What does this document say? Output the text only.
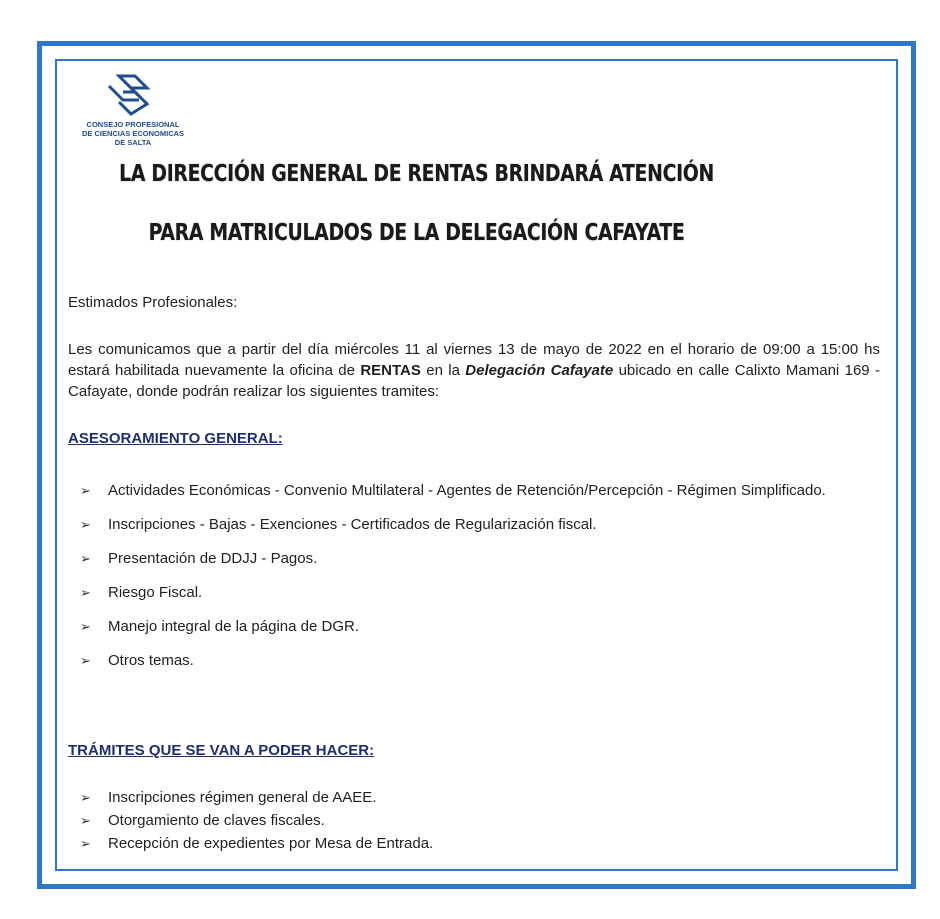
CONSEJO PROFESIONAL
DE CIENCIAS ECONOMICAS
DE SALTA
LA DIRECCIÓN GENERAL DE RENTAS BRINDARÁ ATENCIÓN
PARA MATRICULADOS DE LA DELEGACIÓN CAFAYATE
Estimados Profesionales:
Les comunicamos que a partir del día miércoles 11 al viernes 13 de mayo de 2022 en el horario de 09:00 a 15:00 hs estará habilitada nuevamente la oficina de RENTAS en la Delegación Cafayate ubicado en calle Calixto Mamani 169 - Cafayate, donde podrán realizar los siguientes tramites:
ASESORAMIENTO GENERAL:
➢ Actividades Económicas - Convenio Multilateral - Agentes de Retención/Percepción - Régimen Simplificado.
➢ Inscripciones - Bajas - Exenciones - Certificados de Regularización fiscal.
➢ Presentación de DDJJ - Pagos.
➢ Riesgo Fiscal.
➢ Manejo integral de la página de DGR.
➢ Otros temas.
TRÁMITES QUE SE VAN A PODER HACER:
➢ Inscripciones régimen general de AAEE.
➢ Otorgamiento de claves fiscales.
➢ Recepción de expedientes por Mesa de Entrada.
